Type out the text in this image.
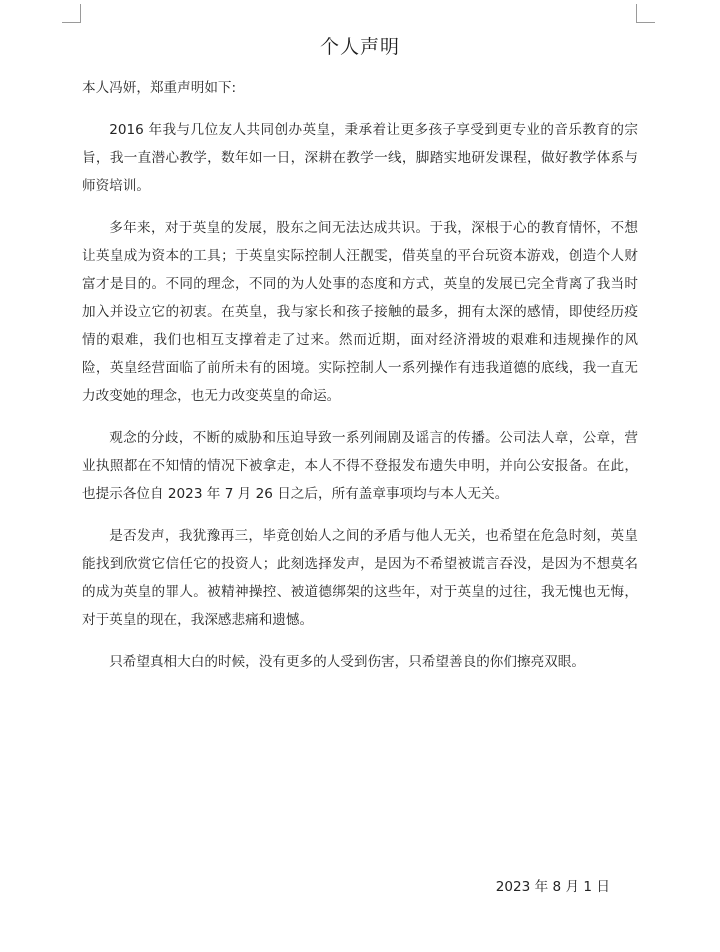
个人声明

本人冯妍，郑重声明如下:

2016 年我与几位友人共同创办英皇，秉承着让更多孩子享受到更专业的音乐教育的宗旨，我一直潜心教学，数年如一日，深耕在教学一线，脚踏实地研发课程，做好教学体系与师资培训。

多年来，对于英皇的发展，股东之间无法达成共识。于我，深根于心的教育情怀，不想让英皇成为资本的工具；于英皇实际控制人汪靓雯，借英皇的平台玩资本游戏，创造个人财富才是目的。不同的理念，不同的为人处事的态度和方式，英皇的发展已完全背离了我当时加入并设立它的初衷。在英皇，我与家长和孩子接触的最多，拥有太深的感情，即使经历疫情的艰难，我们也相互支撑着走了过来。然而近期，面对经济滑坡的艰难和违规操作的风险，英皇经营面临了前所未有的困境。实际控制人一系列操作有违我道德的底线，我一直无力改变她的理念，也无力改变英皇的命运。

观念的分歧，不断的威胁和压迫导致一系列闹剧及谣言的传播。公司法人章，公章，营业执照都在不知情的情况下被拿走，本人不得不登报发布遗失申明，并向公安报备。在此，也提示各位自 2023 年 7 月 26 日之后，所有盖章事项均与本人无关。

是否发声，我犹豫再三，毕竟创始人之间的矛盾与他人无关，也希望在危急时刻，英皇能找到欣赏它信任它的投资人；此刻选择发声，是因为不希望被谎言吞没，是因为不想莫名的成为英皇的罪人。被精神操控、被道德绑架的这些年，对于英皇的过往，我无愧也无悔，对于英皇的现在，我深感悲痛和遗憾。

只希望真相大白的时候，没有更多的人受到伤害，只希望善良的你们擦亮双眼。

2023 年 8 月 1 日
